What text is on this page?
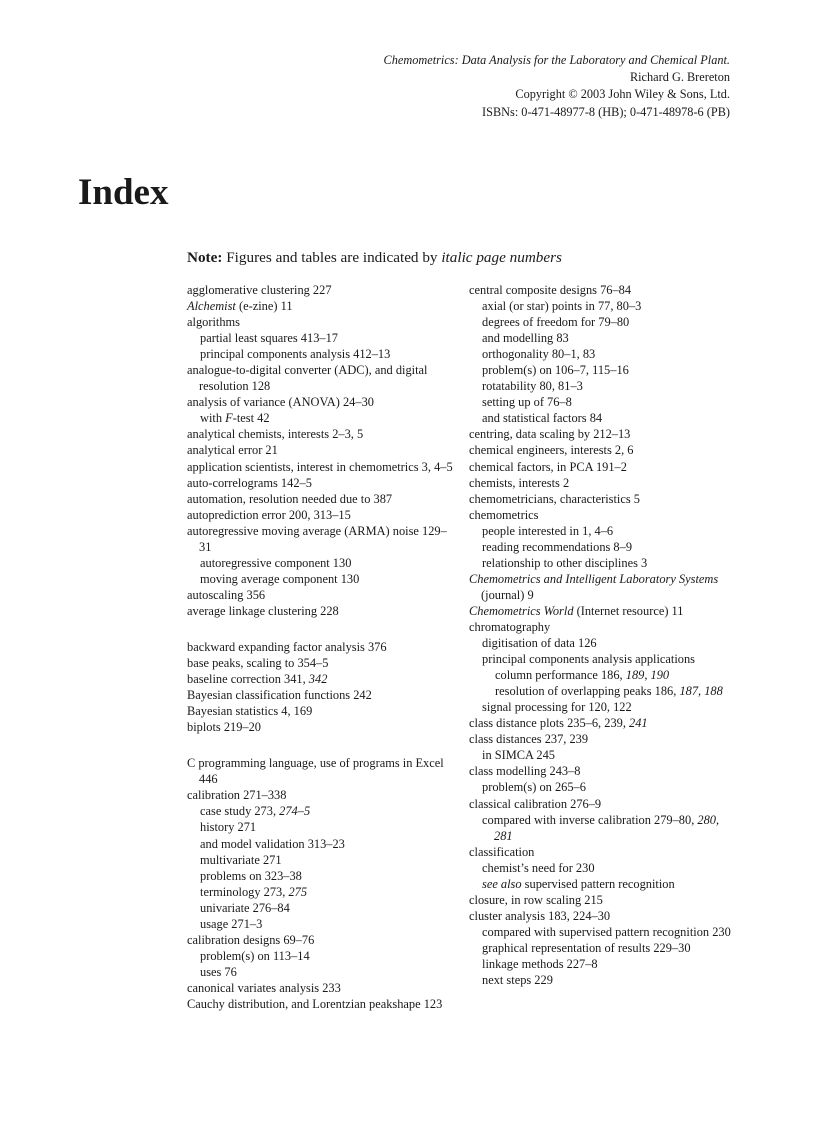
Chemometrics: Data Analysis for the Laboratory and Chemical Plant.
Richard G. Brereton
Copyright © 2003 John Wiley & Sons, Ltd.
ISBNs: 0-471-48977-8 (HB); 0-471-48978-6 (PB)
Index
Note: Figures and tables are indicated by italic page numbers
agglomerative clustering 227
Alchemist (e-zine) 11
algorithms
partial least squares 413–17
principal components analysis 412–13
analogue-to-digital converter (ADC), and digital resolution 128
analysis of variance (ANOVA) 24–30
with F-test 42
analytical chemists, interests 2–3, 5
analytical error 21
application scientists, interest in chemometrics 3, 4–5
auto-correlograms 142–5
automation, resolution needed due to 387
autoprediction error 200, 313–15
autoregressive moving average (ARMA) noise 129–31
autoregressive component 130
moving average component 130
autoscaling 356
average linkage clustering 228
backward expanding factor analysis 376
base peaks, scaling to 354–5
baseline correction 341, 342
Bayesian classification functions 242
Bayesian statistics 4, 169
biplots 219–20
C programming language, use of programs in Excel 446
calibration 271–338
case study 273, 274–5
history 271
and model validation 313–23
multivariate 271
problems on 323–38
terminology 273, 275
univariate 276–84
usage 271–3
calibration designs 69–76
problem(s) on 113–14
uses 76
canonical variates analysis 233
Cauchy distribution, and Lorentzian peakshape 123
central composite designs 76–84
axial (or star) points in 77, 80–3
degrees of freedom for 79–80
and modelling 83
orthogonality 80–1, 83
problem(s) on 106–7, 115–16
rotatability 80, 81–3
setting up of 76–8
and statistical factors 84
centring, data scaling by 212–13
chemical engineers, interests 2, 6
chemical factors, in PCA 191–2
chemists, interests 2
chemometricians, characteristics 5
chemometrics
people interested in 1, 4–6
reading recommendations 8–9
relationship to other disciplines 3
Chemometrics and Intelligent Laboratory Systems (journal) 9
Chemometrics World (Internet resource) 11
chromatography
digitisation of data 126
principal components analysis applications
column performance 186, 189, 190
resolution of overlapping peaks 186, 187, 188
signal processing for 120, 122
class distance plots 235–6, 239, 241
class distances 237, 239
in SIMCA 245
class modelling 243–8
problem(s) on 265–6
classical calibration 276–9
compared with inverse calibration 279–80, 280, 281
classification
chemist’s need for 230
see also supervised pattern recognition
closure, in row scaling 215
cluster analysis 183, 224–30
compared with supervised pattern recognition 230
graphical representation of results 229–30
linkage methods 227–8
next steps 229
